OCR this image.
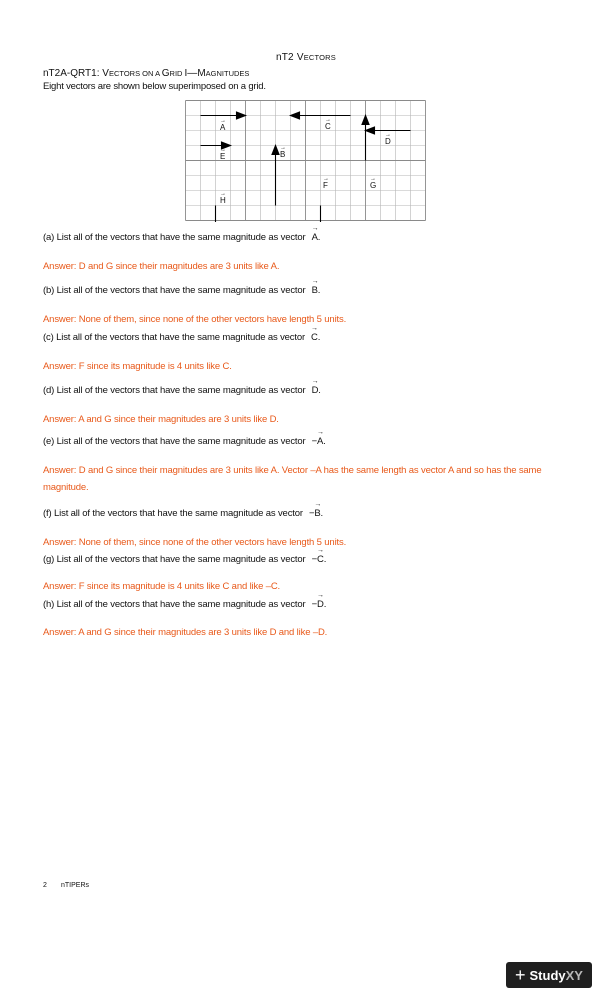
nT2 VECTORS
nT2A-QRT1: VECTORS ON A GRID I—MAGNITUDES
Eight vectors are shown below superimposed on a grid.
A	C
D
E	B
F	G
H
→	→
→
→	→
→	→
→
(a) List all of the vectors that have the same magnitude as vector
→
A.
Answer: D and G since their magnitudes are 3 units like A.
(b) List all of the vectors that have the same magnitude as vector
→
B.
Answer: None of them, since none of the other vectors have length 5 units.
(c) List all of the vectors that have the same magnitude as vector
→
C.
Answer: F since its magnitude is 4 units like C.
(d) List all of the vectors that have the same magnitude as vector
→
D.
Answer: A and G since their magnitudes are 3 units like D.
(e) List all of the vectors that have the same magnitude as vector −
→
A.
Answer: D and G since their magnitudes are 3 units like A. Vector –A has the same length as vector A and so has the same magnitude.
(f) List all of the vectors that have the same magnitude as vector −
→
B.
Answer: None of them, since none of the other vectors have length 5 units.
(g) List all of the vectors that have the same magnitude as vector −
→
C.
Answer: F since its magnitude is 4 units like C and like –C.
(h) List all of the vectors that have the same magnitude as vector −
→
D.
Answer: A and G since their magnitudes are 3 units like D and like –D.
2 nTIPERs
+ StudyXY
